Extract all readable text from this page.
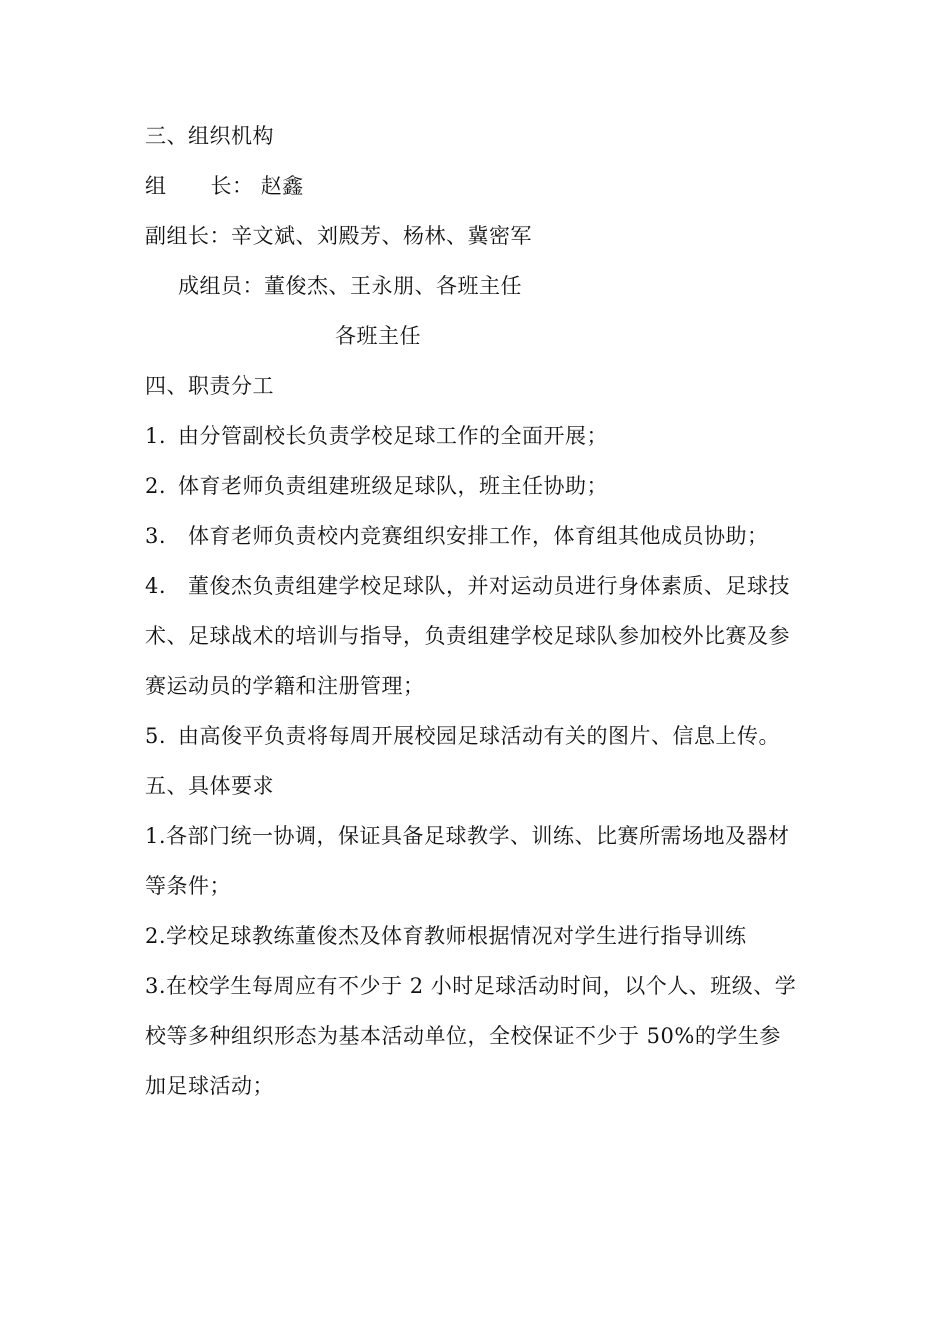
三、组织机构
组 长： 赵鑫
副组长：辛文斌、刘殿芳、杨林、冀密军
成组员：董俊杰、王永朋、各班主任
各班主任
四、职责分工
1. 由分管副校长负责学校足球工作的全面开展；
2. 体育老师负责组建班级足球队，班主任协助；
3. 体育老师负责校内竞赛组织安排工作，体育组其他成员协助；
4. 董俊杰负责组建学校足球队，并对运动员进行身体素质、足球技
术、足球战术的培训与指导，负责组建学校足球队参加校外比赛及参
赛运动员的学籍和注册管理；
5. 由高俊平负责将每周开展校园足球活动有关的图片、信息上传。
五、具体要求
1.各部门统一协调，保证具备足球教学、训练、比赛所需场地及器材
等条件；
2.学校足球教练董俊杰及体育教师根据情况对学生进行指导训练
3.在校学生每周应有不少于 2 小时足球活动时间，以个人、班级、学
校等多种组织形态为基本活动单位，全校保证不少于 50%的学生参
加足球活动；
